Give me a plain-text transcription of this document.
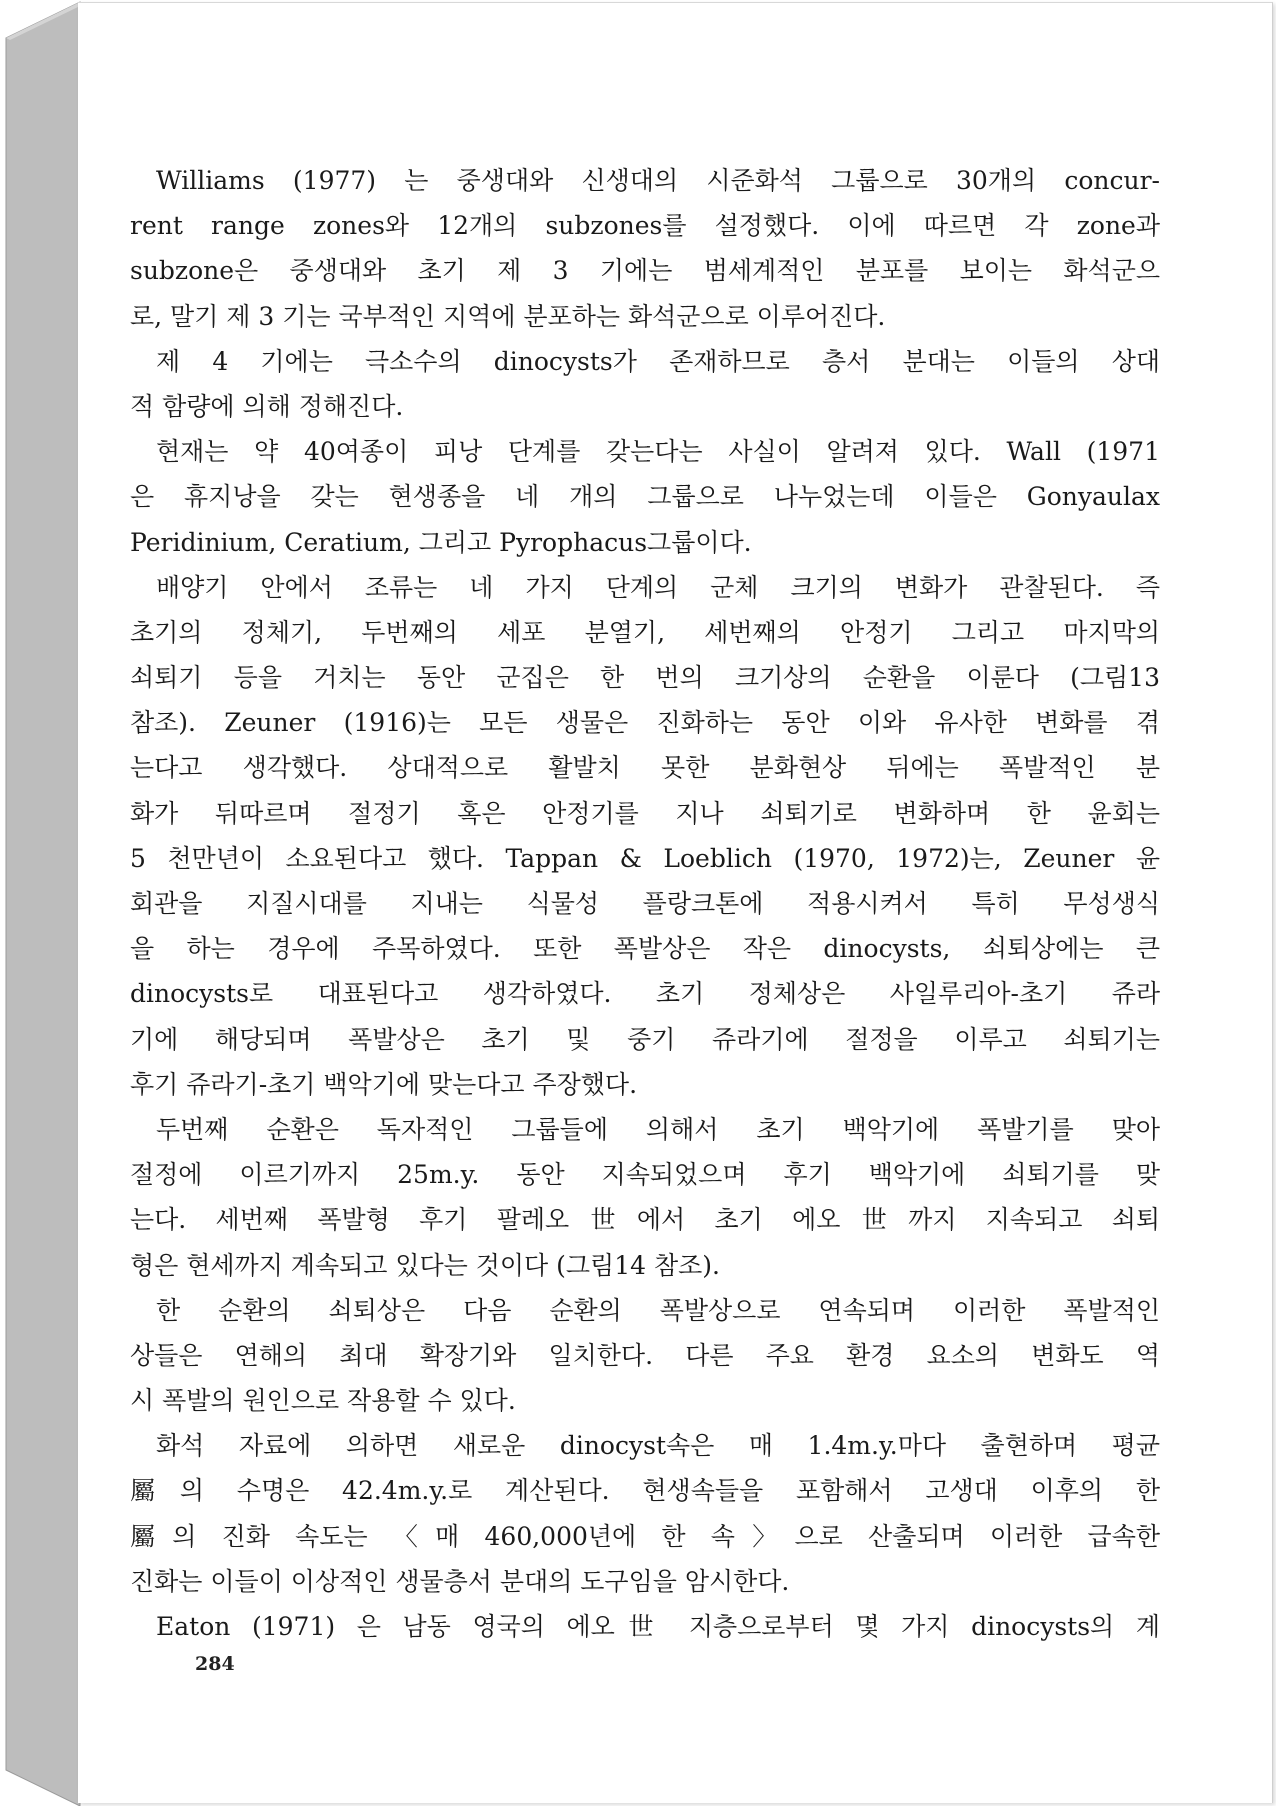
Williams (1977) 는 중생대와 신생대의 시준화석 그룹으로 30개의 concur-
rent range zones와 12개의 subzones를 설정했다. 이에 따르면 각 zone과
subzone은 중생대와 초기 제 3 기에는 범세계적인 분포를 보이는 화석군으
로, 말기 제 3 기는 국부적인 지역에 분포하는 화석군으로 이루어진다.
제 4 기에는 극소수의 dinocysts가 존재하므로 층서 분대는 이들의 상대
적 함량에 의해 정해진다.
현재는 약 40여종이 피낭 단계를 갖는다는 사실이 알려져 있다. Wall (1971
은 휴지낭을 갖는 현생종을 네 개의 그룹으로 나누었는데 이들은 Gonyaulax
Peridinium, Ceratium, 그리고 Pyrophacus그룹이다.
배양기 안에서 조류는 네 가지 단계의 군체 크기의 변화가 관찰된다. 즉
초기의 정체기, 두번째의 세포 분열기, 세번째의 안정기 그리고 마지막의
쇠퇴기 등을 거치는 동안 군집은 한 번의 크기상의 순환을 이룬다 (그림13
참조). Zeuner (1916)는 모든 생물은 진화하는 동안 이와 유사한 변화를 겪
는다고 생각했다. 상대적으로 활발치 못한 분화현상 뒤에는 폭발적인 분
화가 뒤따르며 절정기 혹은 안정기를 지나 쇠퇴기로 변화하며 한 윤회는
5 천만년이 소요된다고 했다. Tappan & Loeblich (1970, 1972)는, Zeuner 윤
회관을 지질시대를 지내는 식물성 플랑크톤에 적용시켜서 특히 무성생식
을 하는 경우에 주목하였다. 또한 폭발상은 작은 dinocysts, 쇠퇴상에는 큰
dinocysts로 대표된다고 생각하였다. 초기 정체상은 사일루리아-초기 쥬라
기에 해당되며 폭발상은 초기 및 중기 쥬라기에 절정을 이루고 쇠퇴기는
후기 쥬라기-초기 백악기에 맞는다고 주장했다.
두번째 순환은 독자적인 그룹들에 의해서 초기 백악기에 폭발기를 맞아
절정에 이르기까지 25m.y. 동안 지속되었으며 후기 백악기에 쇠퇴기를 맞
는다. 세번째 폭발형 후기 팔레오世에서 초기 에오世까지 지속되고 쇠퇴
형은 현세까지 계속되고 있다는 것이다 (그림14 참조).
한 순환의 쇠퇴상은 다음 순환의 폭발상으로 연속되며 이러한 폭발적인
상들은 연해의 최대 확장기와 일치한다. 다른 주요 환경 요소의 변화도 역
시 폭발의 원인으로 작용할 수 있다.
화석 자료에 의하면 새로운 dinocyst속은 매 1.4m.y.마다 출현하며 평균
屬의 수명은 42.4m.y.로 계산된다. 현생속들을 포함해서 고생대 이후의 한
屬의 진화 속도는 〈매 460,000년에 한 속〉으로 산출되며 이러한 급속한
진화는 이들이 이상적인 생물층서 분대의 도구임을 암시한다.
Eaton (1971) 은 남동 영국의 에오世 지층으로부터 몇 가지 dinocysts의 계
284
